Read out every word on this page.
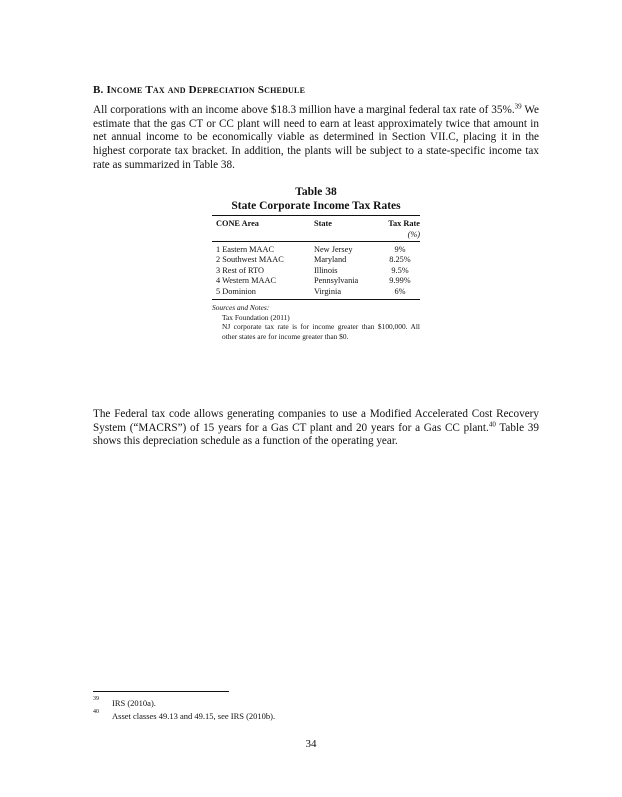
B. Income Tax and Depreciation Schedule
All corporations with an income above $18.3 million have a marginal federal tax rate of 35%.$^{39}$ We estimate that the gas CT or CC plant will need to earn at least approximately twice that amount in net annual income to be economically viable as determined in Section VII.C, placing it in the highest corporate tax bracket. In addition, the plants will be subject to a state-specific income tax rate as summarized in Table 38.
Table 38
State Corporate Income Tax Rates
CONE Area	State	Tax Rate
(%)
1 Eastern MAAC	New Jersey	9%
2 Southwest MAAC	Maryland	8.25%
3 Rest of RTO	Illinois	9.5%
4 Western MAAC	Pennsylvania	9.99%
5 Dominion	Virginia	6%
Sources and Notes:
Tax Foundation (2011)
NJ corporate tax rate is for income greater than $100,000. All other states are for income greater than $0.
The Federal tax code allows generating companies to use a Modified Accelerated Cost Recovery System (“MACRS”) of 15 years for a Gas CT plant and 20 years for a Gas CC plant.$^{40}$ Table 39 shows this depreciation schedule as a function of the operating year.
39	IRS (2010a).
40	Asset classes 49.13 and 49.15, see IRS (2010b).
34
